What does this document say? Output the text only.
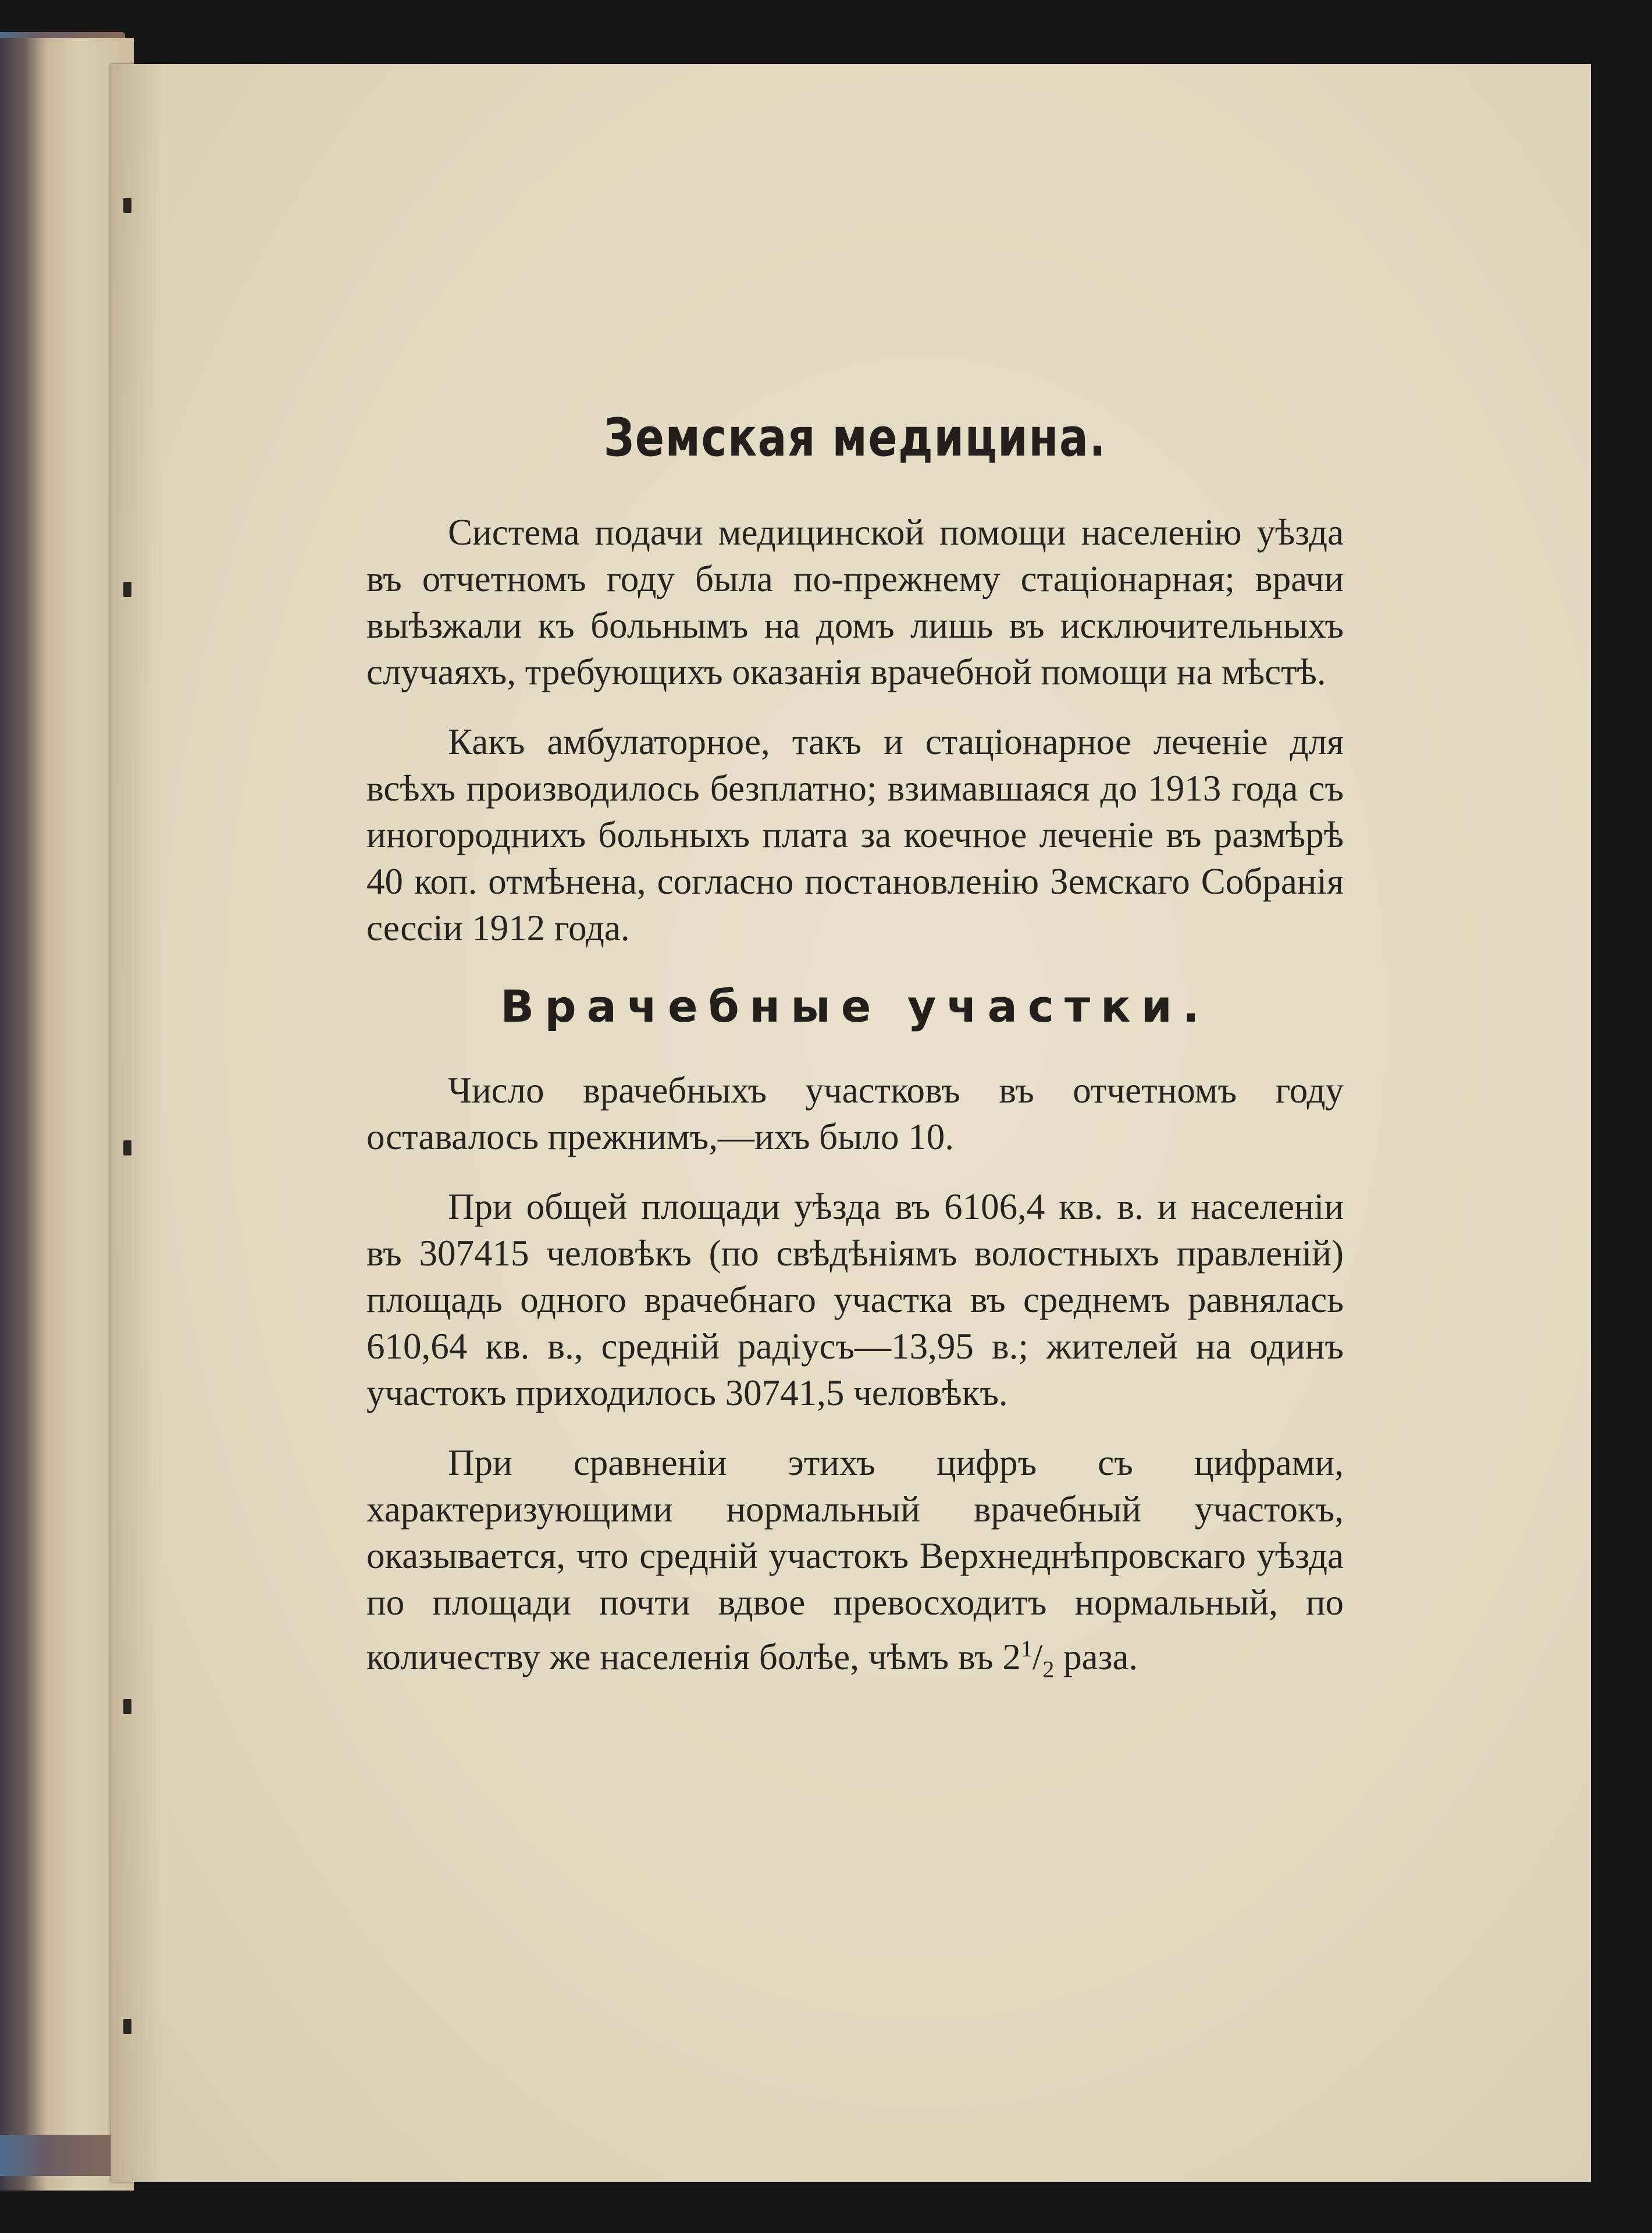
Земская медицина.

Система подачи медицинской помощи населенію уѣзда въ отчетномъ году была по-прежнему стаціонарная; врачи выѣзжали къ больнымъ на домъ лишь въ исключительныхъ случаяхъ, требующихъ оказанія врачебной помощи на мѣстѣ.

Какъ амбулаторное, такъ и стаціонарное леченіе для всѣхъ производилось безплатно; взимавшаяся до 1913 года съ иногороднихъ больныхъ плата за коечное леченіе въ размѣрѣ 40 коп. отмѣнена, согласно постановленію Земскаго Собранія сессіи 1912 года.

Врачебные участки.

Число врачебныхъ участковъ въ отчетномъ году оставалось прежнимъ,—ихъ было 10.

При общей площади уѣзда въ 6106,4 кв. в. и населеніи въ 307415 человѣкъ (по свѣдѣніямъ волостныхъ правленій) площадь одного врачебнаго участка въ среднемъ равнялась 610,64 кв. в., средній радіусъ—13,95 в.; жителей на одинъ участокъ приходилось 30741,5 человѣкъ.

При сравненіи этихъ цифръ съ цифрами, характеризующими нормальный врачебный участокъ, оказывается, что средній участокъ Верхнеднѣпровскаго уѣзда по площади почти вдвое превосходитъ нормальный, по количеству же населенія болѣе, чѣмъ въ $2^1/_2$ раза.
